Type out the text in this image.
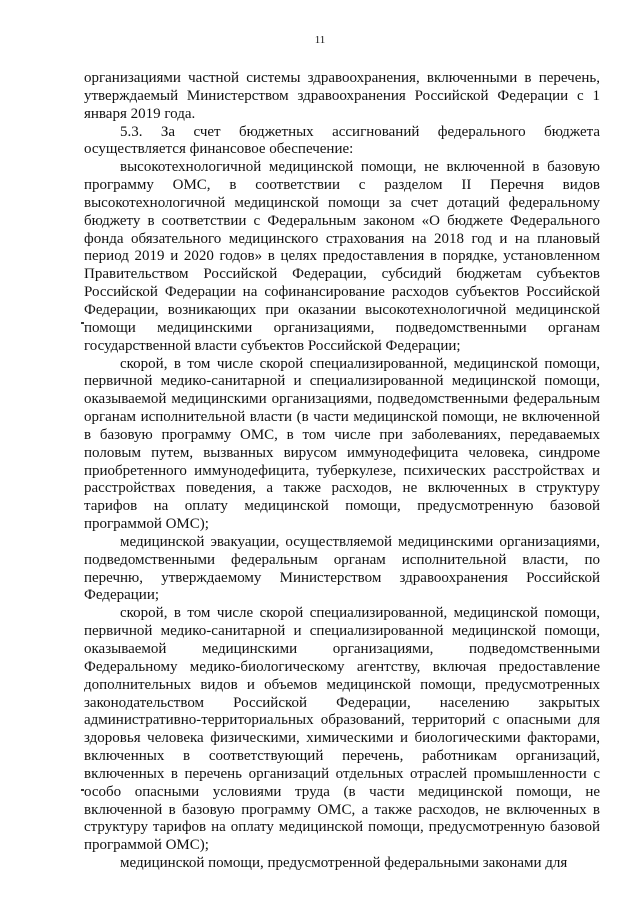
11

организациями частной системы здравоохранения, включенными в перечень, утверждаемый Министерством здравоохранения Российской Федерации с 1 января 2019 года.

5.3. За счет бюджетных ассигнований федерального бюджета осуществляется финансовое обеспечение:

высокотехнологичной медицинской помощи, не включенной в базовую программу ОМС, в соответствии с разделом II Перечня видов высокотехнологичной медицинской помощи за счет дотаций федеральному бюджету в соответствии с Федеральным законом «О бюджете Федерального фонда обязательного медицинского страхования на 2018 год и на плановый период 2019 и 2020 годов» в целях предоставления в порядке, установленном Правительством Российской Федерации, субсидий бюджетам субъектов Российской Федерации на софинансирование расходов субъектов Российской Федерации, возникающих при оказании высокотехнологичной медицинской помощи медицинскими организациями, подведомственными органам государственной власти субъектов Российской Федерации;

скорой, в том числе скорой специализированной, медицинской помощи, первичной медико-санитарной и специализированной медицинской помощи, оказываемой медицинскими организациями, подведомственными федеральным органам исполнительной власти (в части медицинской помощи, не включенной в базовую программу ОМС, в том числе при заболеваниях, передаваемых половым путем, вызванных вирусом иммунодефицита человека, синдроме приобретенного иммунодефицита, туберкулезе, психических расстройствах и расстройствах поведения, а также расходов, не включенных в структуру тарифов на оплату медицинской помощи, предусмотренную базовой программой ОМС);

медицинской эвакуации, осуществляемой медицинскими организациями, подведомственными федеральным органам исполнительной власти, по перечню, утверждаемому Министерством здравоохранения Российской Федерации;

скорой, в том числе скорой специализированной, медицинской помощи, первичной медико-санитарной и специализированной медицинской помощи, оказываемой медицинскими организациями, подведомственными Федеральному медико-биологическому агентству, включая предоставление дополнительных видов и объемов медицинской помощи, предусмотренных законодательством Российской Федерации, населению закрытых административно-территориальных образований, территорий с опасными для здоровья человека физическими, химическими и биологическими факторами, включенных в соответствующий перечень, работникам организаций, включенных в перечень организаций отдельных отраслей промышленности с особо опасными условиями труда (в части медицинской помощи, не включенной в базовую программу ОМС, а также расходов, не включенных в структуру тарифов на оплату медицинской помощи, предусмотренную базовой программой ОМС);

медицинской помощи, предусмотренной федеральными законами для
